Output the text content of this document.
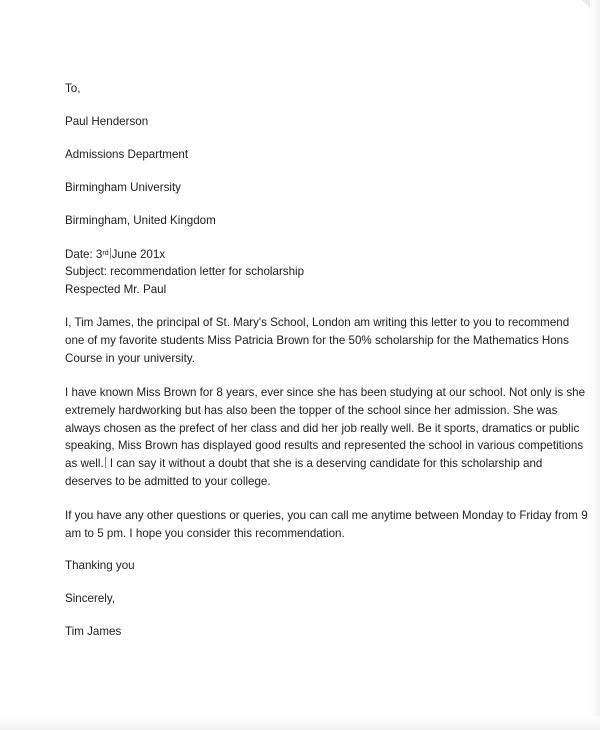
To,
Paul Henderson
Admissions Department
Birmingham University
Birmingham, United Kingdom
Date: 3rd June 201x
Subject: recommendation letter for scholarship
Respected Mr. Paul
I, Tim James, the principal of St. Mary's School, London am writing this letter to you to recommend
one of my favorite students Miss Patricia Brown for the 50% scholarship for the Mathematics Hons
Course in your university.
I have known Miss Brown for 8 years, ever since she has been studying at our school. Not only is she
extremely hardworking but has also been the topper of the school since her admission. She was
always chosen as the prefect of her class and did her job really well. Be it sports, dramatics or public
speaking, Miss Brown has displayed good results and represented the school in various competitions
as well. I can say it without a doubt that she is a deserving candidate for this scholarship and
deserves to be admitted to your college.
If you have any other questions or queries, you can call me anytime between Monday to Friday from 9
am to 5 pm. I hope you consider this recommendation.
Thanking you
Sincerely,
Tim James
